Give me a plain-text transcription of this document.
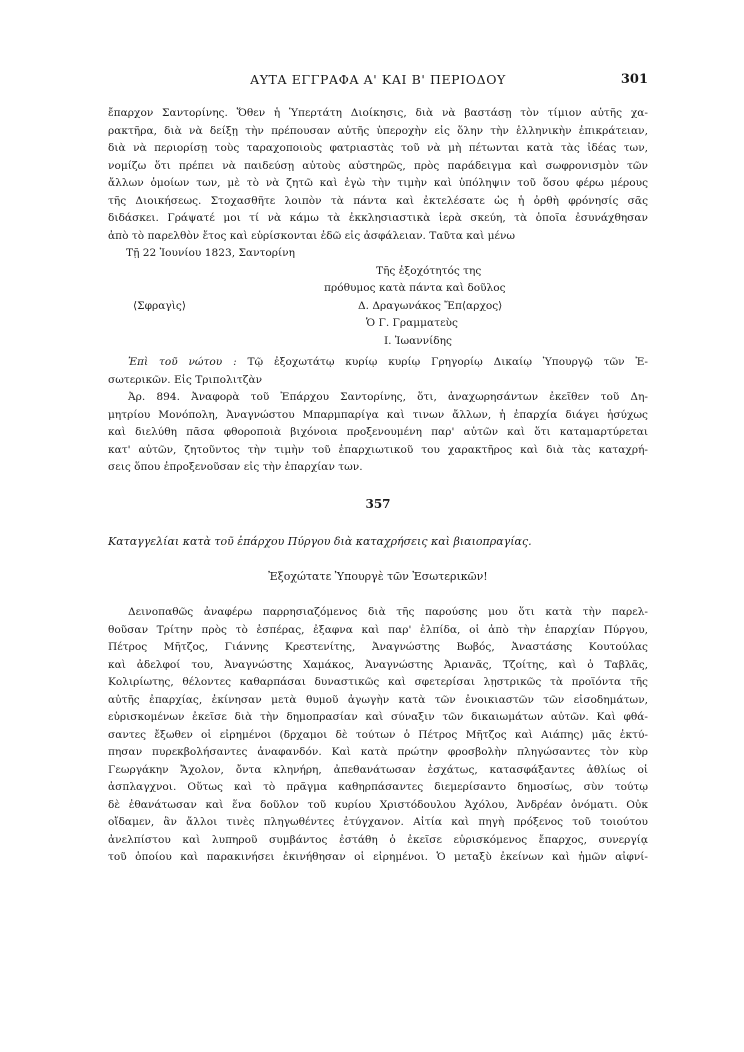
ΑΥΤΑ ΕΓΓΡΑΦΑ Α' ΚΑΙ Β' ΠΕΡΙΟΔΟΥ	301
ἔπαρχον Σαντορίνης. Ὅθεν ἡ Ὑπερτάτη Διοίκησις, διὰ νὰ βαστάσῃ τὸν τίμιον αὐτῆς χα-
ρακτῆρα, διὰ νὰ δείξῃ τὴν πρέπουσαν αὐτῆς ὑπεροχὴν εἰς ὅλην τὴν ἑλληνικὴν ἐπικράτειαν,
διὰ νὰ περιορίσῃ τοὺς ταραχοποιοὺς φατριαστὰς τοῦ νὰ μὴ πέτωνται κατὰ τὰς ἰδέας των,
νομίζω ὅτι πρέπει νὰ παιδεύσῃ αὐτοὺς αὐστηρῶς, πρὸς παράδειγμα καὶ σωφρονισμὸν τῶν
ἄλλων ὁμοίων των, μὲ τὸ νὰ ζητῶ καὶ ἐγὼ τὴν τιμὴν καὶ ὑπόληψιν τοῦ ὅσου φέρω μέρους
τῆς Διοικήσεως. Στοχασθῆτε λοιπὸν τὰ πάντα καὶ ἐκτελέσατε ὡς ἡ ὀρθὴ φρόνησίς σᾶς
διδάσκει. Γράψατέ μοι τί νὰ κάμω τὰ ἐκκλησιαστικὰ ἱερὰ σκεύη, τὰ ὁποῖα ἐσυνάχθησαν
ἀπὸ τὸ παρελθὸν ἔτος καὶ εὑρίσκονται ἐδῶ εἰς ἀσφάλειαν. Ταῦτα καὶ μένω
Τῇ 22 Ἰουνίου 1823, Σαντορίνη
Τῆς ἐξοχότητός της
πρόθυμος κατὰ πάντα καὶ δοῦλος
⟨Σφραγὶς⟩	Δ. Δραγωνάκος Ἔπ⟨αρχος⟩
Ὁ Γ. Γραμματεὺς
Ι. Ἰωαννίδης
Ἐπὶ τοῦ νώτου : Τῷ ἐξοχωτάτῳ κυρίῳ κυρίῳ Γρηγορίῳ Δικαίῳ Ὑπουργῷ τῶν Ἐ-
σωτερικῶν. Εἰς Τριπολιτζὰν
Ἀρ. 894. Ἀναφορὰ τοῦ Ἐπάρχου Σαντορίνης, ὅτι, ἀναχωρησάντων ἐκεῖθεν τοῦ Δη-
μητρίου Μονόπολη, Ἀναγνώστου Μπαρμπαρίγα καὶ τινων ἄλλων, ἡ ἐπαρχία διάγει ἡσύχως
καὶ διελύθη πᾶσα φθοροποιὰ βιχόνοια προξενουμένη παρ' αὐτῶν καὶ ὅτι καταμαρτύρεται
κατ' αὐτῶν, ζητοῦντος τὴν τιμὴν τοῦ ἐπαρχιωτικοῦ του χαρακτῆρος καὶ διὰ τὰς καταχρή-
σεις ὅπου ἐπροξενοῦσαν εἰς τὴν ἐπαρχίαν των.
357
Καταγγελίαι κατὰ τοῦ ἐπάρχου Πύργου διὰ καταχρήσεις καὶ βιαιοπραγίας.
Ἐξοχώτατε Ὑπουργὲ τῶν Ἐσωτερικῶν!
Δεινοπαθῶς ἀναφέρω παρρησιαζόμενος διὰ τῆς παρούσης μου ὅτι κατὰ τὴν παρελ-
θοῦσαν Τρίτην πρὸς τὸ ἑσπέρας, ἐξαφνα καὶ παρ' ἐλπίδα, οἱ ἀπὸ τὴν ἐπαρχίαν Πύργου,
Πέτρος Μῆτζος, Γιάννης Κρεστενίτης, Ἀναγνώστης Βωβός, Ἀναστάσης Κουτούλας
καὶ ἀδελφοί του, Ἀναγνώστης Χαμάκος, Ἀναγνώστης Ἀριανᾶς, Τζοίτης, καὶ ὁ Ταβλᾶς,
Κολιρίωτης, θέλοντες καθαρπάσαι δυναστικῶς καὶ σφετερίσαι λῃστρικῶς τὰ προϊόντα τῆς
αὐτῆς ἐπαρχίας, ἐκίνησαν μετὰ θυμοῦ ἀγωγὴν κατὰ τῶν ἐνοικιαστῶν τῶν εἰσοδημάτων,
εὑρισκομένων ἐκεῖσε διὰ τὴν δημοπρασίαν καὶ σύναξιν τῶν δικαιωμάτων αὐτῶν. Καὶ φθά-
σαντες ἔξωθεν οἱ εἰρημένοι (δρχαμοι δὲ τούτων ὁ Πέτρος Μῆτζος καὶ Αιάπης) μᾶς ἐκτύ-
πησαν πυρεκβολήσαντες ἀναφανδόν. Καὶ κατὰ πρώτην φροσβολὴν πληγώσαντες τὸν κὺρ
Γεωργάκην Ἄχολον, ὄντα κληνήρη, ἀπεθανάτωσαν ἐσχάτως, κατασφάξαντες ἀθλίως οἱ
ἀσπλαγχνοι. Οὕτως καὶ τὸ πρᾶγμα καθηρπάσαντες διεμερίσαντο δημοσίως, σὺν τούτῳ
δὲ ἐθανάτωσαν καὶ ἕνα δοῦλον τοῦ κυρίου Χριστόδουλου Ἀχόλου, Ἀνδρέαν ὀνόματι. Οὐκ
οἴδαμεν, ἂν ἄλλοι τινὲς πληγωθέντες ἐτύγχανον. Αἰτία καὶ πηγὴ πρόξενος τοῦ τοιούτου
ἀνελπίστου καὶ λυπηροῦ συμβάντος ἐστάθη ὁ ἐκεῖσε εὑρισκόμενος ἔπαρχος, συνεργίᾳ
τοῦ ὁποίου καὶ παρακινήσει ἐκινήθησαν οἱ εἰρημένοι. Ὁ μεταξὺ ἐκείνων καὶ ἡμῶν αἰφνί-
